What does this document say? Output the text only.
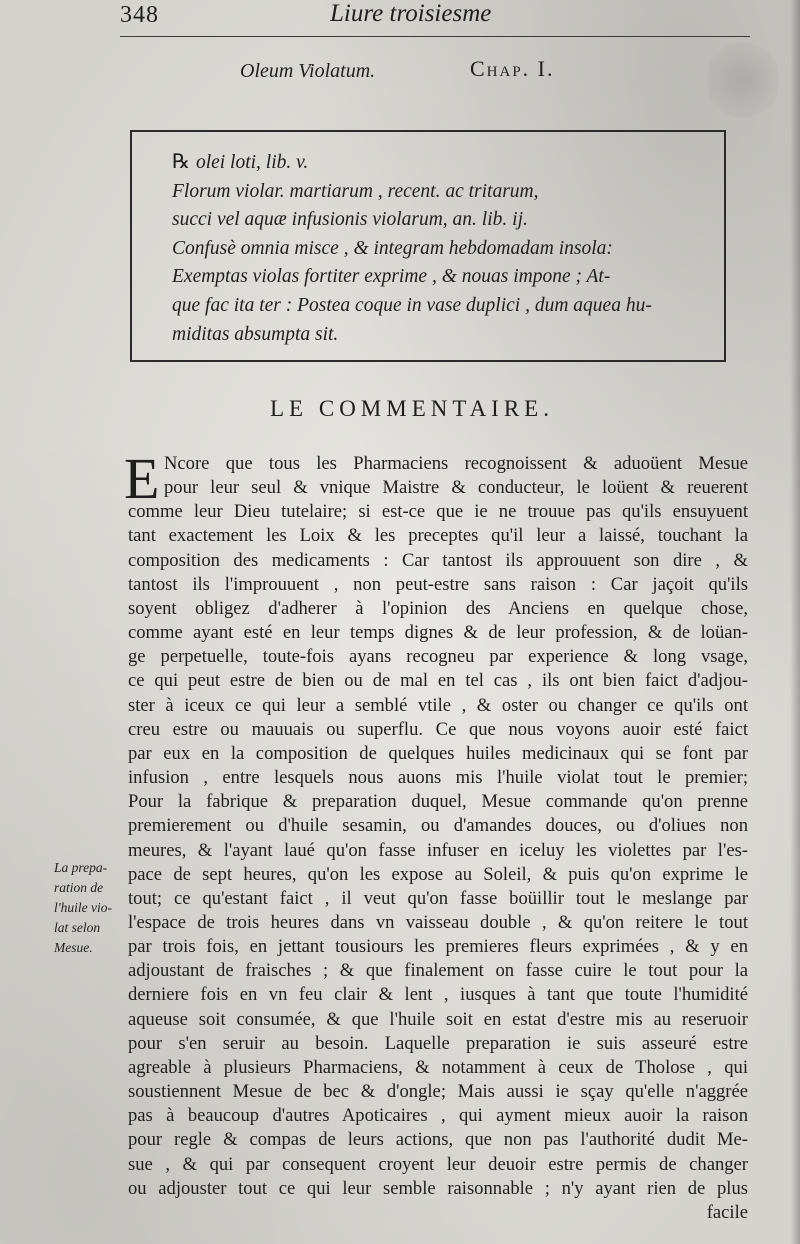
348	Liure troisiesme
Oleum Violatum.	Chap. I.
℞ olei loti, lib. v.
Florum violar. martiarum , recent. ac tritarum,
succi vel aquæ infusionis violarum, an. lib. ij.
Confusè omnia misce , & integram hebdomadam insola:
Exemptas violas fortiter exprime , & nouas impone ; At-
que fac ita ter : Postea coque in vase duplici , dum aquea hu-
miditas absumpta sit.
LE COMMENTAIRE.
E Ncore que tous les Pharmaciens recognoissent & aduoüent Mesue
pour leur seul & vnique Maistre & conducteur, le loüent & reuerent
comme leur Dieu tutelaire; si est-ce que ie ne trouue pas qu'ils ensuyuent
tant exactement les Loix & les preceptes qu'il leur a laissé, touchant la
composition des medicaments : Car tantost ils approuuent son dire , &
tantost ils l'improuuent , non peut-estre sans raison : Car jaçoit qu'ils
soyent obligez d'adherer à l'opinion des Anciens en quelque chose,
comme ayant esté en leur temps dignes & de leur profession, & de loüan-
ge perpetuelle, toute-fois ayans recogneu par experience & long vsage,
ce qui peut estre de bien ou de mal en tel cas , ils ont bien faict d'adjou-
ster à iceux ce qui leur a semblé vtile , & oster ou changer ce qu'ils ont
creu estre ou mauuais ou superflu. Ce que nous voyons auoir esté faict
par eux en la composition de quelques huiles medicinaux qui se font par
infusion , entre lesquels nous auons mis l'huile violat tout le premier;
Pour la fabrique & preparation duquel, Mesue commande qu'on prenne
premierement ou d'huile sesamin, ou d'amandes douces, ou d'oliues non
meures, & l'ayant laué qu'on fasse infuser en iceluy les violettes par l'es-
pace de sept heures, qu'on les expose au Soleil, & puis qu'on exprime le
tout; ce qu'estant faict , il veut qu'on fasse boüillir tout le meslange par
l'espace de trois heures dans vn vaisseau double , & qu'on reitere le tout
par trois fois, en jettant tousiours les premieres fleurs exprimées , & y en
adjoustant de fraisches ; & que finalement on fasse cuire le tout pour la
derniere fois en vn feu clair & lent , iusques à tant que toute l'humidité
aqueuse soit consumée, & que l'huile soit en estat d'estre mis au reseruoir
pour s'en seruir au besoin. Laquelle preparation ie suis asseuré estre
agreable à plusieurs Pharmaciens, & notamment à ceux de Tholose , qui
soustiennent Mesue de bec & d'ongle; Mais aussi ie sçay qu'elle n'aggrée
pas à beaucoup d'autres Apoticaires , qui ayment mieux auoir la raison
pour regle & compas de leurs actions, que non pas l'authorité dudit Me-
sue , & qui par consequent croyent leur deuoir estre permis de changer
ou adjouster tout ce qui leur semble raisonnable ; n'y ayant rien de plus
facile
La prepa-
ration de
l'huile vio-
lat selon
Mesue.
